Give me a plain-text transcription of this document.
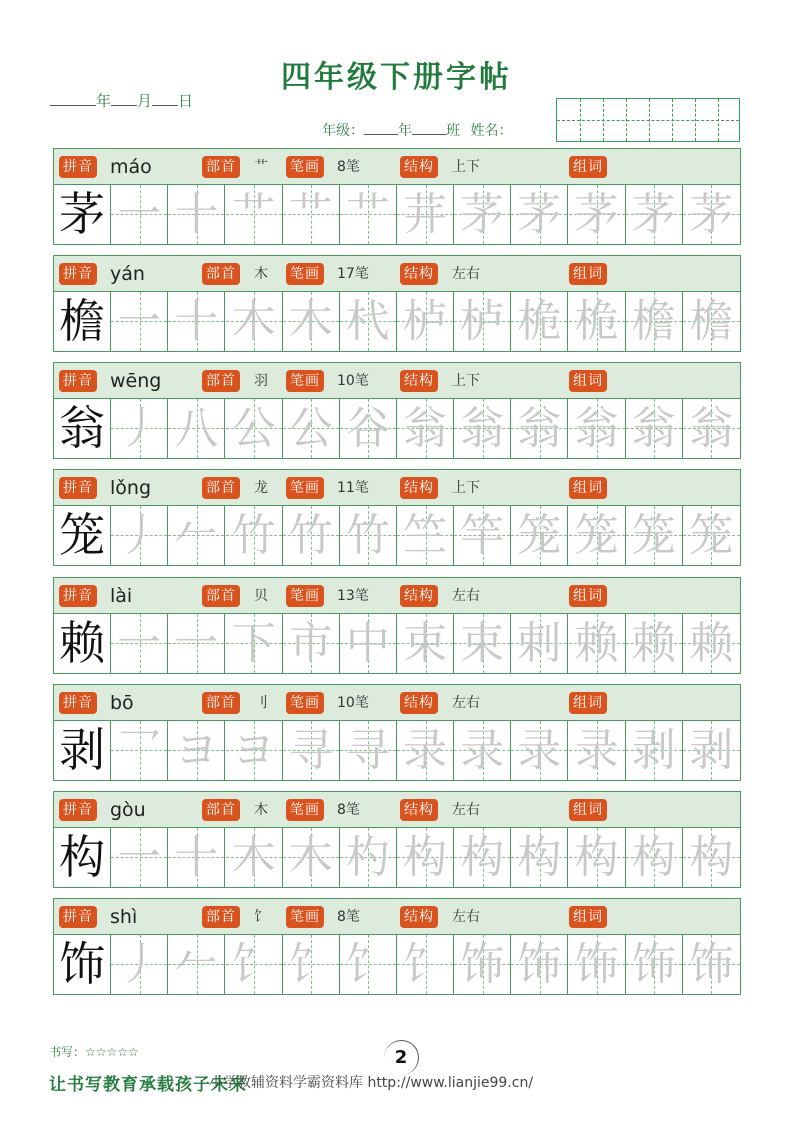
四年级下册字帖
年 月 日
年级： 年 班 姓名：
拼音 máo	部首 艹 笔画 8笔	结构 上下	组词
茅 一 十 艹 艹 艹 茾 茅 茅 茅 茅 茅
拼音 yán	部首 木 笔画 17笔	结构 左右	组词
檐 一 十 木 木 杙 栌 栌 桅 桅 檐 檐
拼音 wēng	部首 羽 笔画 10笔	结构 上下	组词
翁 丿 八 公 公 谷 翁 翁 翁 翁 翁 翁
拼音 lǒng	部首 龙 笔画 11笔	结构 上下	组词
笼 丿 𠂉 竹 竹 竹 竺 竿 笼 笼 笼 笼
拼音 lài	部首 贝 笔画 13笔	结构 左右	组词
赖 一 一 下 市 中 束 束 剌 赖 赖 赖
拼音 bō	部首 刂 笔画 10笔	结构 左右	组词
剥 乛 ヨ ヨ 寻 寻 录 录 录 录 剥 剥
拼音 gòu	部首 木 笔画 8笔	结构 左右	组词
构 一 十 木 木 杓 构 构 构 构 构 构
拼音 shì	部首 饣 笔画 8笔	结构 左右	组词
饰 丿 𠂉 饣 饣 饣 饣 饰 饰 饰 饰 饰
书写：☆☆☆☆☆	2
让书写教育承载孩子未来
小学教辅资料学霸资料库 http://www.lianjie99.cn/
